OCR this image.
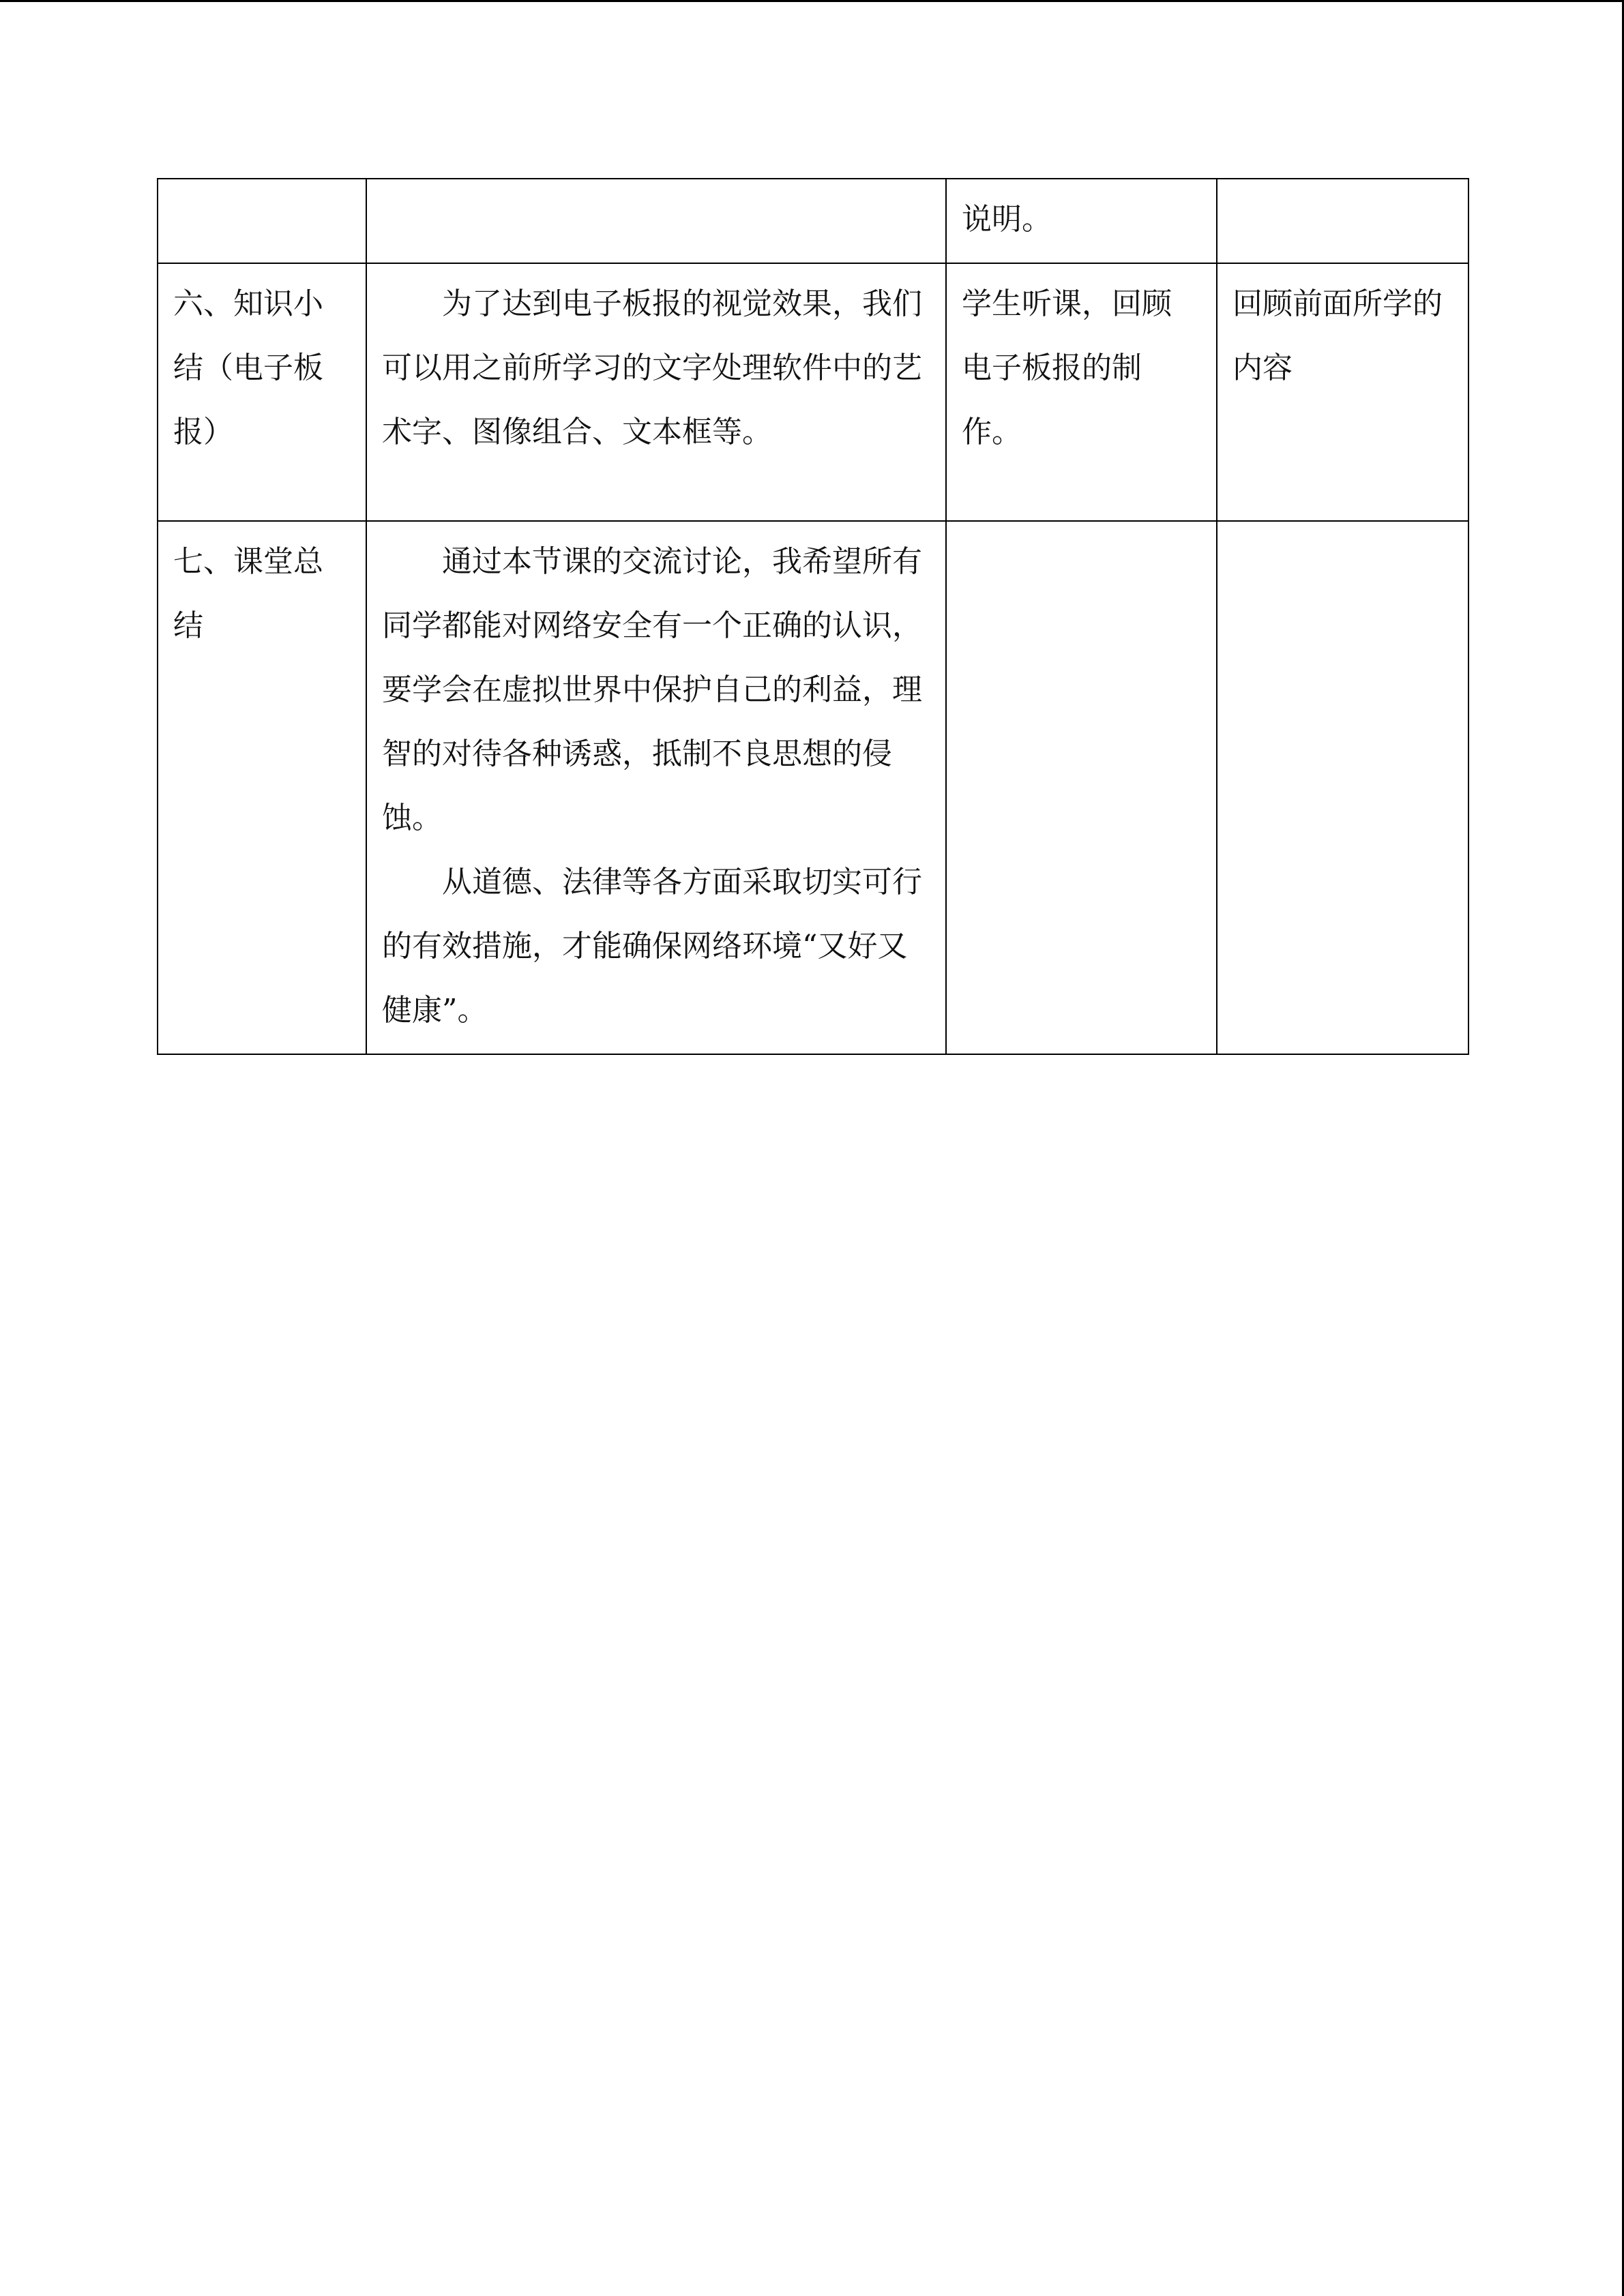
		说明。	

六、知识小结（电子板报）	为了达到电子板报的视觉效果，我们可以用之前所学习的文字处理软件中的艺术字、图像组合、文本框等。	学生听课，回顾电子板报的制作。	回顾前面所学的内容

七、课堂总结	通过本节课的交流讨论，我希望所有同学都能对网络安全有一个正确的认识，要学会在虚拟世界中保护自己的利益，理智的对待各种诱惑，抵制不良思想的侵蚀。
从道德、法律等各方面采取切实可行的有效措施，才能确保网络环境“又好又健康”。		
